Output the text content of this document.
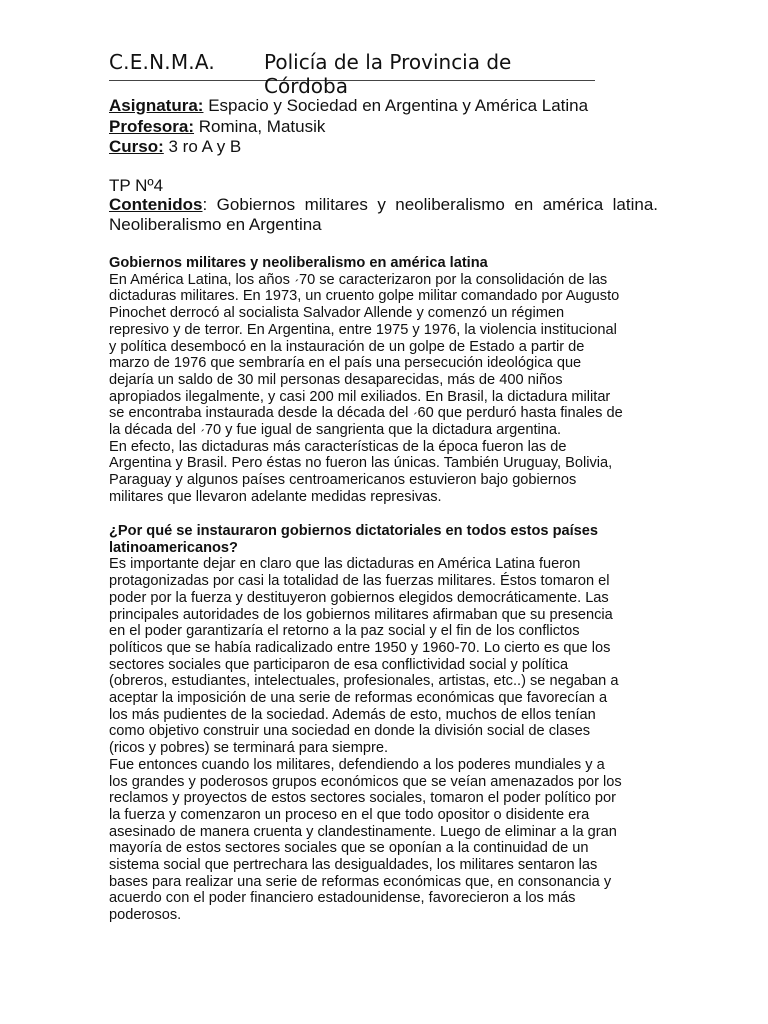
C.E.N.M.A. Policía de la Provincia de Córdoba
Asignatura: Espacio y Sociedad en Argentina y América Latina
Profesora: Romina, Matusik
Curso: 3 ro A y B
TP Nº4
Contenidos: Gobiernos militares y neoliberalismo en américa latina. Neoliberalismo en Argentina
Gobiernos militares y neoliberalismo en américa latina
En América Latina, los años 70 se caracterizaron por la consolidación de las
dictaduras militares. En 1973, un cruento golpe militar comandado por Augusto
Pinochet derrocó al socialista Salvador Allende y comenzó un régimen
represivo y de terror. En Argentina, entre 1975 y 1976, la violencia institucional
y política desembocó en la instauración de un golpe de Estado a partir de
marzo de 1976 que sembraría en el país una persecución ideológica que
dejaría un saldo de 30 mil personas desaparecidas, más de 400 niños
apropiados ilegalmente, y casi 200 mil exiliados. En Brasil, la dictadura militar
se encontraba instaurada desde la década del 60 que perduró hasta finales de
la década del 70 y fue igual de sangrienta que la dictadura argentina.
En efecto, las dictaduras más características de la época fueron las de
Argentina y Brasil. Pero éstas no fueron las únicas. También Uruguay, Bolivia,
Paraguay y algunos países centroamericanos estuvieron bajo gobiernos
militares que llevaron adelante medidas represivas.
¿Por qué se instauraron gobiernos dictatoriales en todos estos países
latinoamericanos?
Es importante dejar en claro que las dictaduras en América Latina fueron
protagonizadas por casi la totalidad de las fuerzas militares. Éstos tomaron el
poder por la fuerza y destituyeron gobiernos elegidos democráticamente. Las
principales autoridades de los gobiernos militares afirmaban que su presencia
en el poder garantizaría el retorno a la paz social y el fin de los conflictos
políticos que se había radicalizado entre 1950 y 1960-70. Lo cierto es que los
sectores sociales que participaron de esa conflictividad social y política
(obreros, estudiantes, intelectuales, profesionales, artistas, etc..) se negaban a
aceptar la imposición de una serie de reformas económicas que favorecían a
los más pudientes de la sociedad. Además de esto, muchos de ellos tenían
como objetivo construir una sociedad en donde la división social de clases
(ricos y pobres) se terminará para siempre.
Fue entonces cuando los militares, defendiendo a los poderes mundiales y a
los grandes y poderosos grupos económicos que se veían amenazados por los
reclamos y proyectos de estos sectores sociales, tomaron el poder político por
la fuerza y comenzaron un proceso en el que todo opositor o disidente era
asesinado de manera cruenta y clandestinamente. Luego de eliminar a la gran
mayoría de estos sectores sociales que se oponían a la continuidad de un
sistema social que pertrechara las desigualdades, los militares sentaron las
bases para realizar una serie de reformas económicas que, en consonancia y
acuerdo con el poder financiero estadounidense, favorecieron a los más
poderosos.
